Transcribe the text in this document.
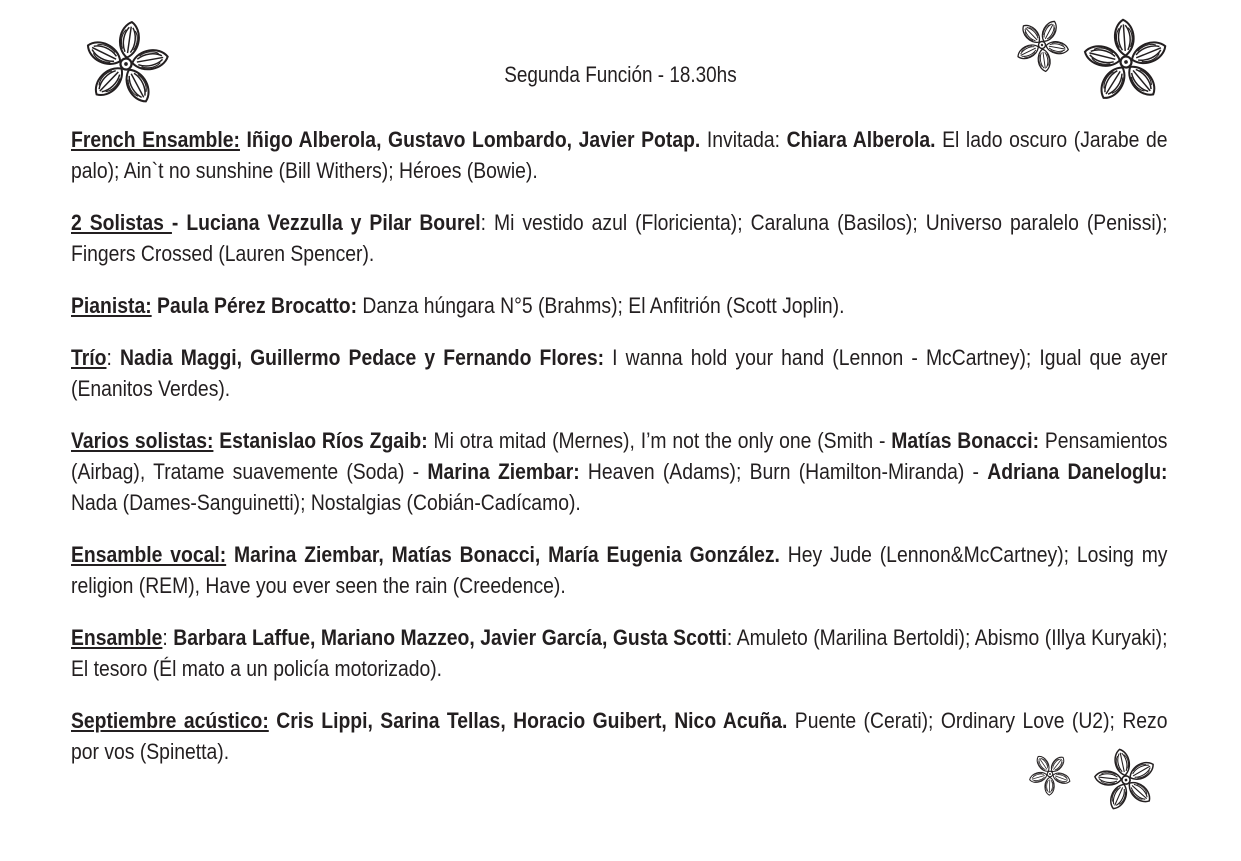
Segunda Función - 18.30hs

French Ensamble: Iñigo Alberola, Gustavo Lombardo, Javier Potap. Invitada: Chiara Alberola. El lado oscuro (Jarabe de palo); Ain`t no sunshine (Bill Withers); Héroes (Bowie).

2 Solistas - Luciana Vezzulla y Pilar Bourel: Mi vestido azul (Floricienta); Caraluna (Basilos); Universo paralelo (Penissi); Fingers Crossed (Lauren Spencer).

Pianista: Paula Pérez Brocatto: Danza húngara N°5 (Brahms); El Anfitrión (Scott Joplin).

Trío: Nadia Maggi, Guillermo Pedace y Fernando Flores: I wanna hold your hand (Lennon - McCartney); Igual que ayer (Enanitos Verdes).

Varios solistas: Estanislao Ríos Zgaib: Mi otra mitad (Mernes), I’m not the only one (Smith - Matías Bonacci: Pensamientos (Airbag), Tratame suavemente (Soda) - Marina Ziembar: Heaven (Adams); Burn (Hamilton-Miranda) - Adriana Daneloglu: Nada (Dames-Sanguinetti); Nostalgias (Cobián-Cadícamo).

Ensamble vocal: Marina Ziembar, Matías Bonacci, María Eugenia González. Hey Jude (Lennon&McCartney); Losing my religion (REM), Have you ever seen the rain (Creedence).

Ensamble: Barbara Laffue, Mariano Mazzeo, Javier García, Gusta Scotti: Amuleto (Marilina Bertoldi); Abismo (Illya Kuryaki); El tesoro (Él mato a un policía motorizado).

Septiembre acústico: Cris Lippi, Sarina Tellas, Horacio Guibert, Nico Acuña. Puente (Cerati); Ordinary Love (U2); Rezo por vos (Spinetta).
